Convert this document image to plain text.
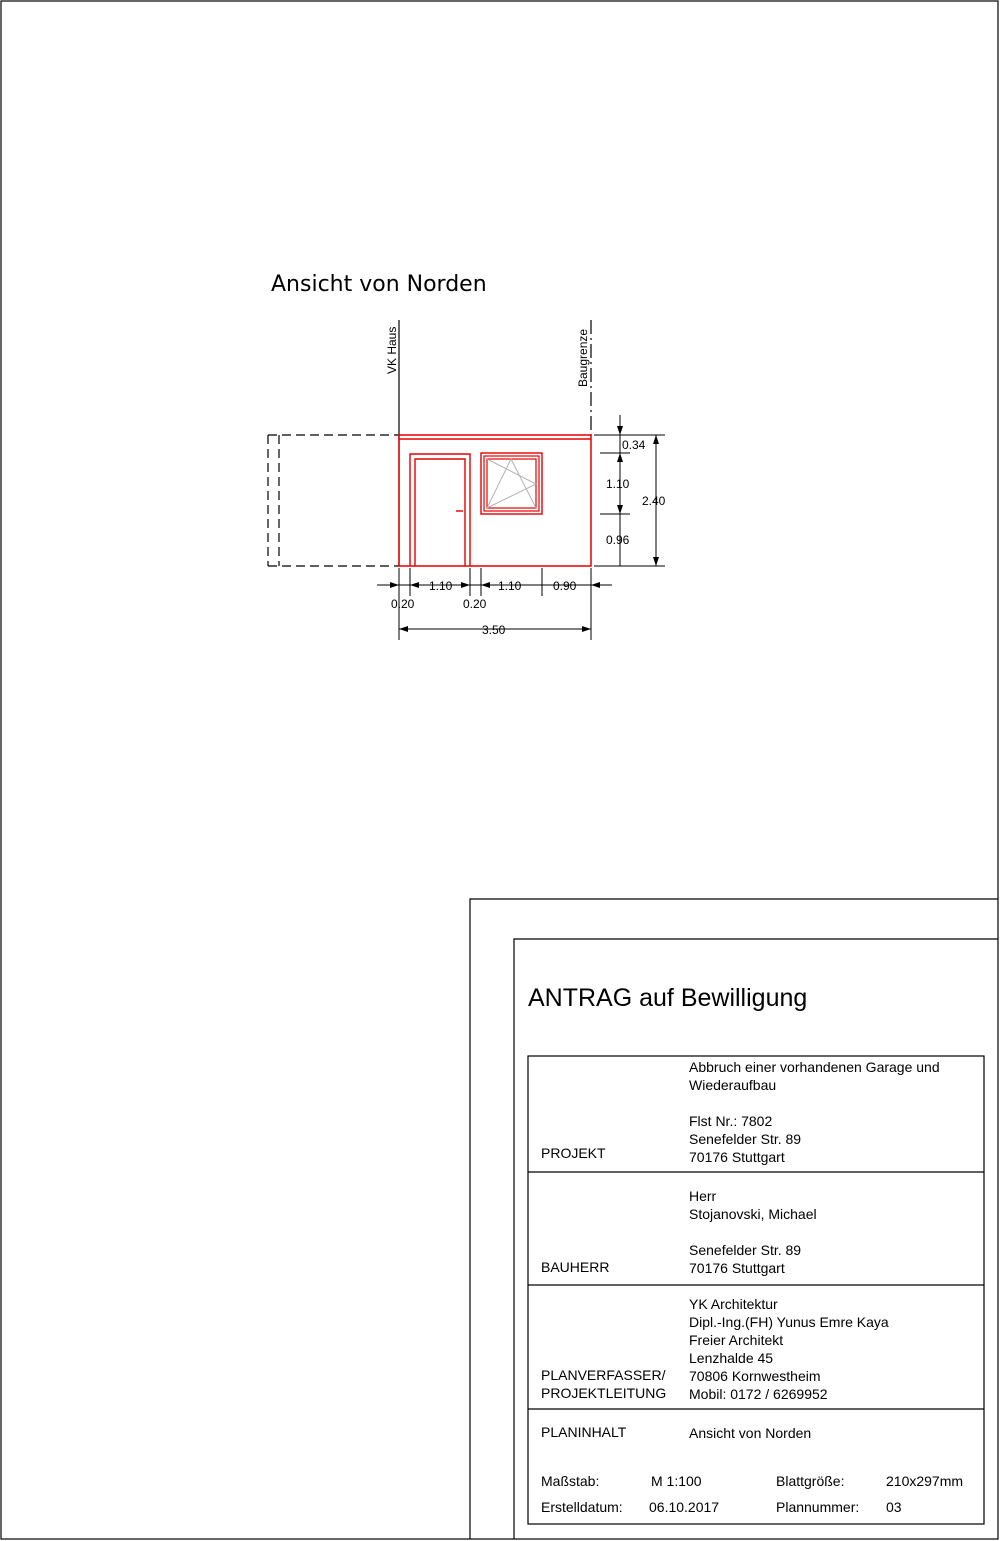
VK Haus	Baugrenze
0.34
1.10
0.96
2.40
1.10	1.10	0.90
0.20	0.20
3.50
Ansicht von Norden
ANTRAG auf Bewilligung
PROJEKT
Abbruch einer vorhandenen Garage und
Wiederaufbau

Flst Nr.: 7802
Senefelder Str. 89
70176 Stuttgart
BAUHERR
Herr
Stojanovski, Michael

Senefelder Str. 89
70176 Stuttgart
PLANVERFASSER/
PROJEKTLEITUNG
YK Architektur
Dipl.-Ing.(FH) Yunus Emre Kaya
Freier Architekt
Lenzhalde 45
70806 Kornwestheim
Mobil: 0172 / 6269952
PLANINHALT	Ansicht von Norden
Maßstab:	M 1:100	Blattgröße:	210x297mm
Erstelldatum: 06.10.2017	Plannummer: 03
